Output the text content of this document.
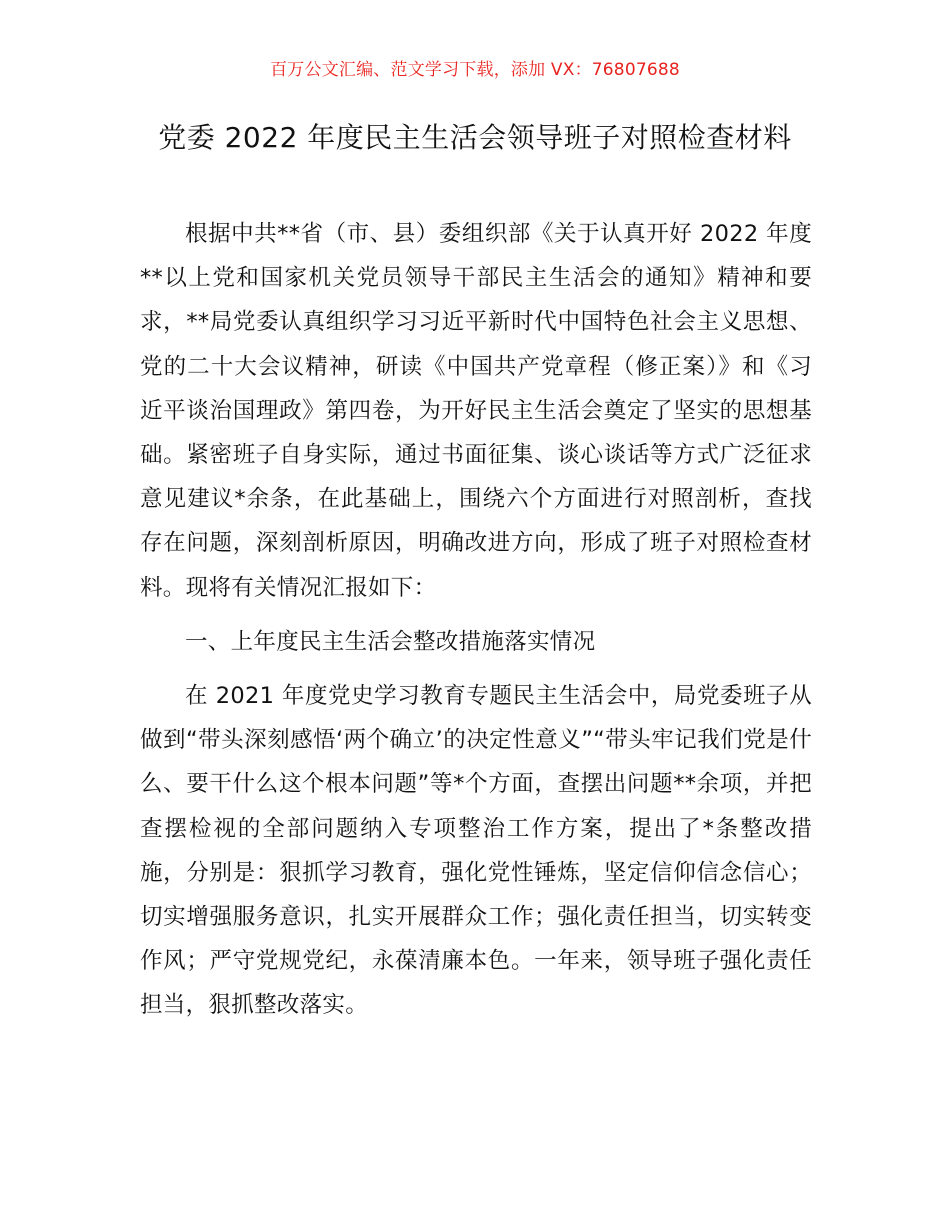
百万公文汇编、范文学习下载，添加 VX：76807688
党委 2022 年度民主生活会领导班子对照检查材料

根据中共**省（市、县）委组织部《关于认真开好 2022 年度**以上党和国家机关党员领导干部民主生活会的通知》精神和要求，**局党委认真组织学习习近平新时代中国特色社会主义思想、党的二十大会议精神，研读《中国共产党章程（修正案）》和《习近平谈治国理政》第四卷，为开好民主生活会奠定了坚实的思想基础。紧密班子自身实际，通过书面征集、谈心谈话等方式广泛征求意见建议*余条，在此基础上，围绕六个方面进行对照剖析，查找存在问题，深刻剖析原因，明确改进方向，形成了班子对照检查材料。现将有关情况汇报如下：

一、上年度民主生活会整改措施落实情况

在 2021 年度党史学习教育专题民主生活会中，局党委班子从做到“带头深刻感悟‘两个确立’的决定性意义”“带头牢记我们党是什么、要干什么这个根本问题”等*个方面，查摆出问题**余项，并把查摆检视的全部问题纳入专项整治工作方案，提出了*条整改措施，分别是：狠抓学习教育，强化党性锤炼，坚定信仰信念信心；切实增强服务意识，扎实开展群众工作；强化责任担当，切实转变作风；严守党规党纪，永葆清廉本色。一年来，领导班子强化责任担当，狠抓整改落实。
